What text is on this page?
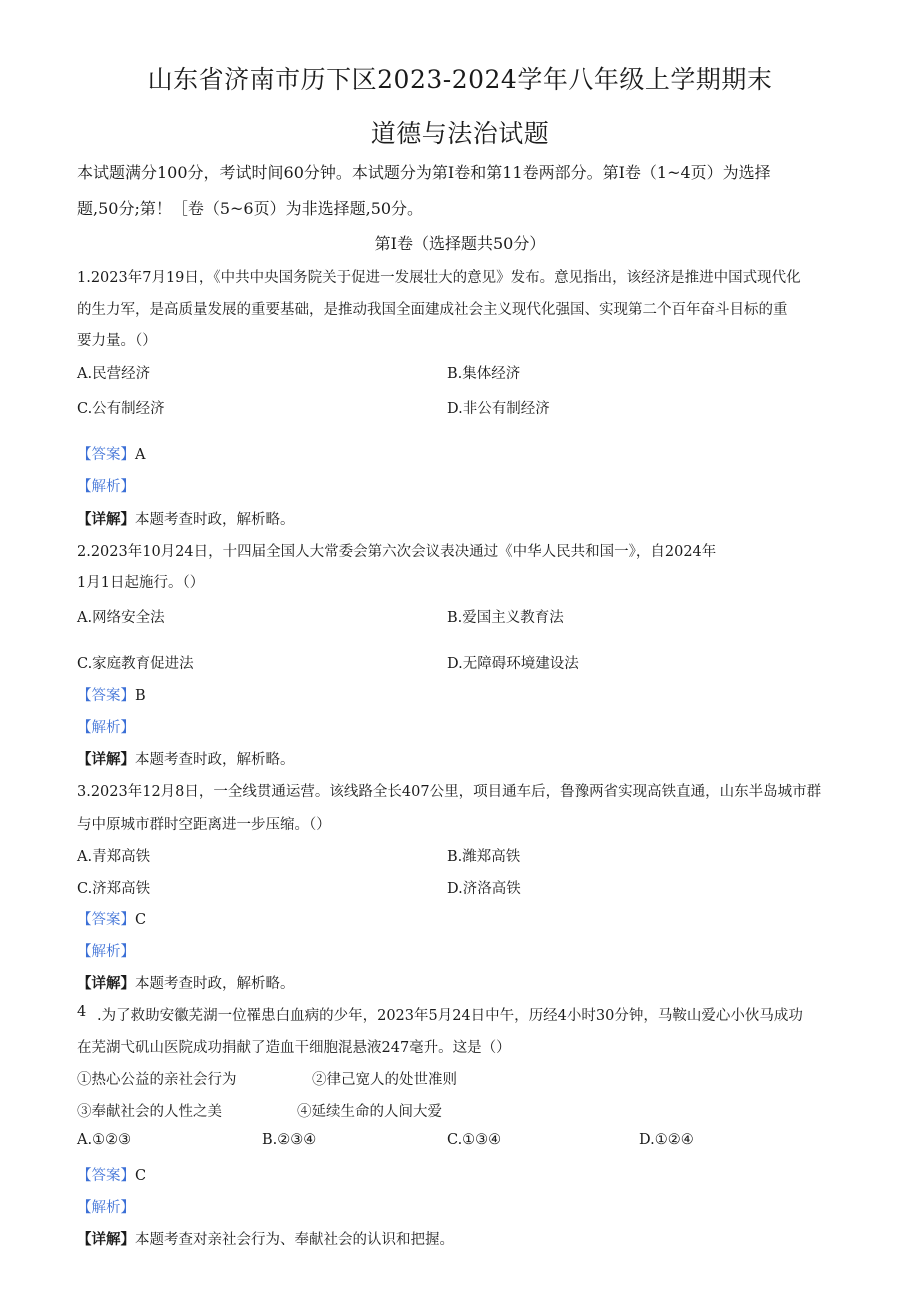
山东省济南市历下区2023-2024学年八年级上学期期末
道德与法治试题
本试题满分100分，考试时间60分钟。本试题分为第I卷和第11卷两部分。第I卷（1~4页）为选择
题,50分;第！［卷（5~6页）为非选择题,50分。
第I卷（选择题共50分）
1.2023年7月19日，《中共中央国务院关于促进一发展壮大的意见》发布。意见指出，该经济是推进中国式现代化
的生力军，是高质量发展的重要基础，是推动我国全面建成社会主义现代化强国、实现第二个百年奋斗目标的重
要力量。（）
A.民营经济	B.集体经济
C.公有制经济	D.非公有制经济
【答案】A
【解析】
【详解】本题考查时政，解析略。
2.2023年10月24日，十四届全国人大常委会第六次会议表决通过《中华人民共和国一》，自2024年
1月1日起施行。（）
A.网络安全法	B.爱国主义教育法
C.家庭教育促进法	D.无障碍环境建设法
【答案】B
【解析】
【详解】本题考查时政，解析略。
3.2023年12月8日，一全线贯通运营。该线路全长407公里，项目通车后，鲁豫两省实现高铁直通，山东半岛城市群
与中原城市群时空距离进一步压缩。（）
A.青郑高铁	B.潍郑高铁
C.济郑高铁	D.济洛高铁
【答案】C
【解析】
【详解】本题考查时政，解析略。
4 .为了救助安徽芜湖一位罹患白血病的少年，2023年5月24日中午，历经4小时30分钟，马鞍山爱心小伙马成功
在芜湖弋矶山医院成功捐献了造血干细胞混悬液247毫升。这是（）
①热心公益的亲社会行为	②律己宽人的处世准则
③奉献社会的人性之美	④延续生命的人间大爱
A.①②③	B.②③④	C.①③④	D.①②④
【答案】C
【解析】
【详解】本题考查对亲社会行为、奉献社会的认识和把握。
